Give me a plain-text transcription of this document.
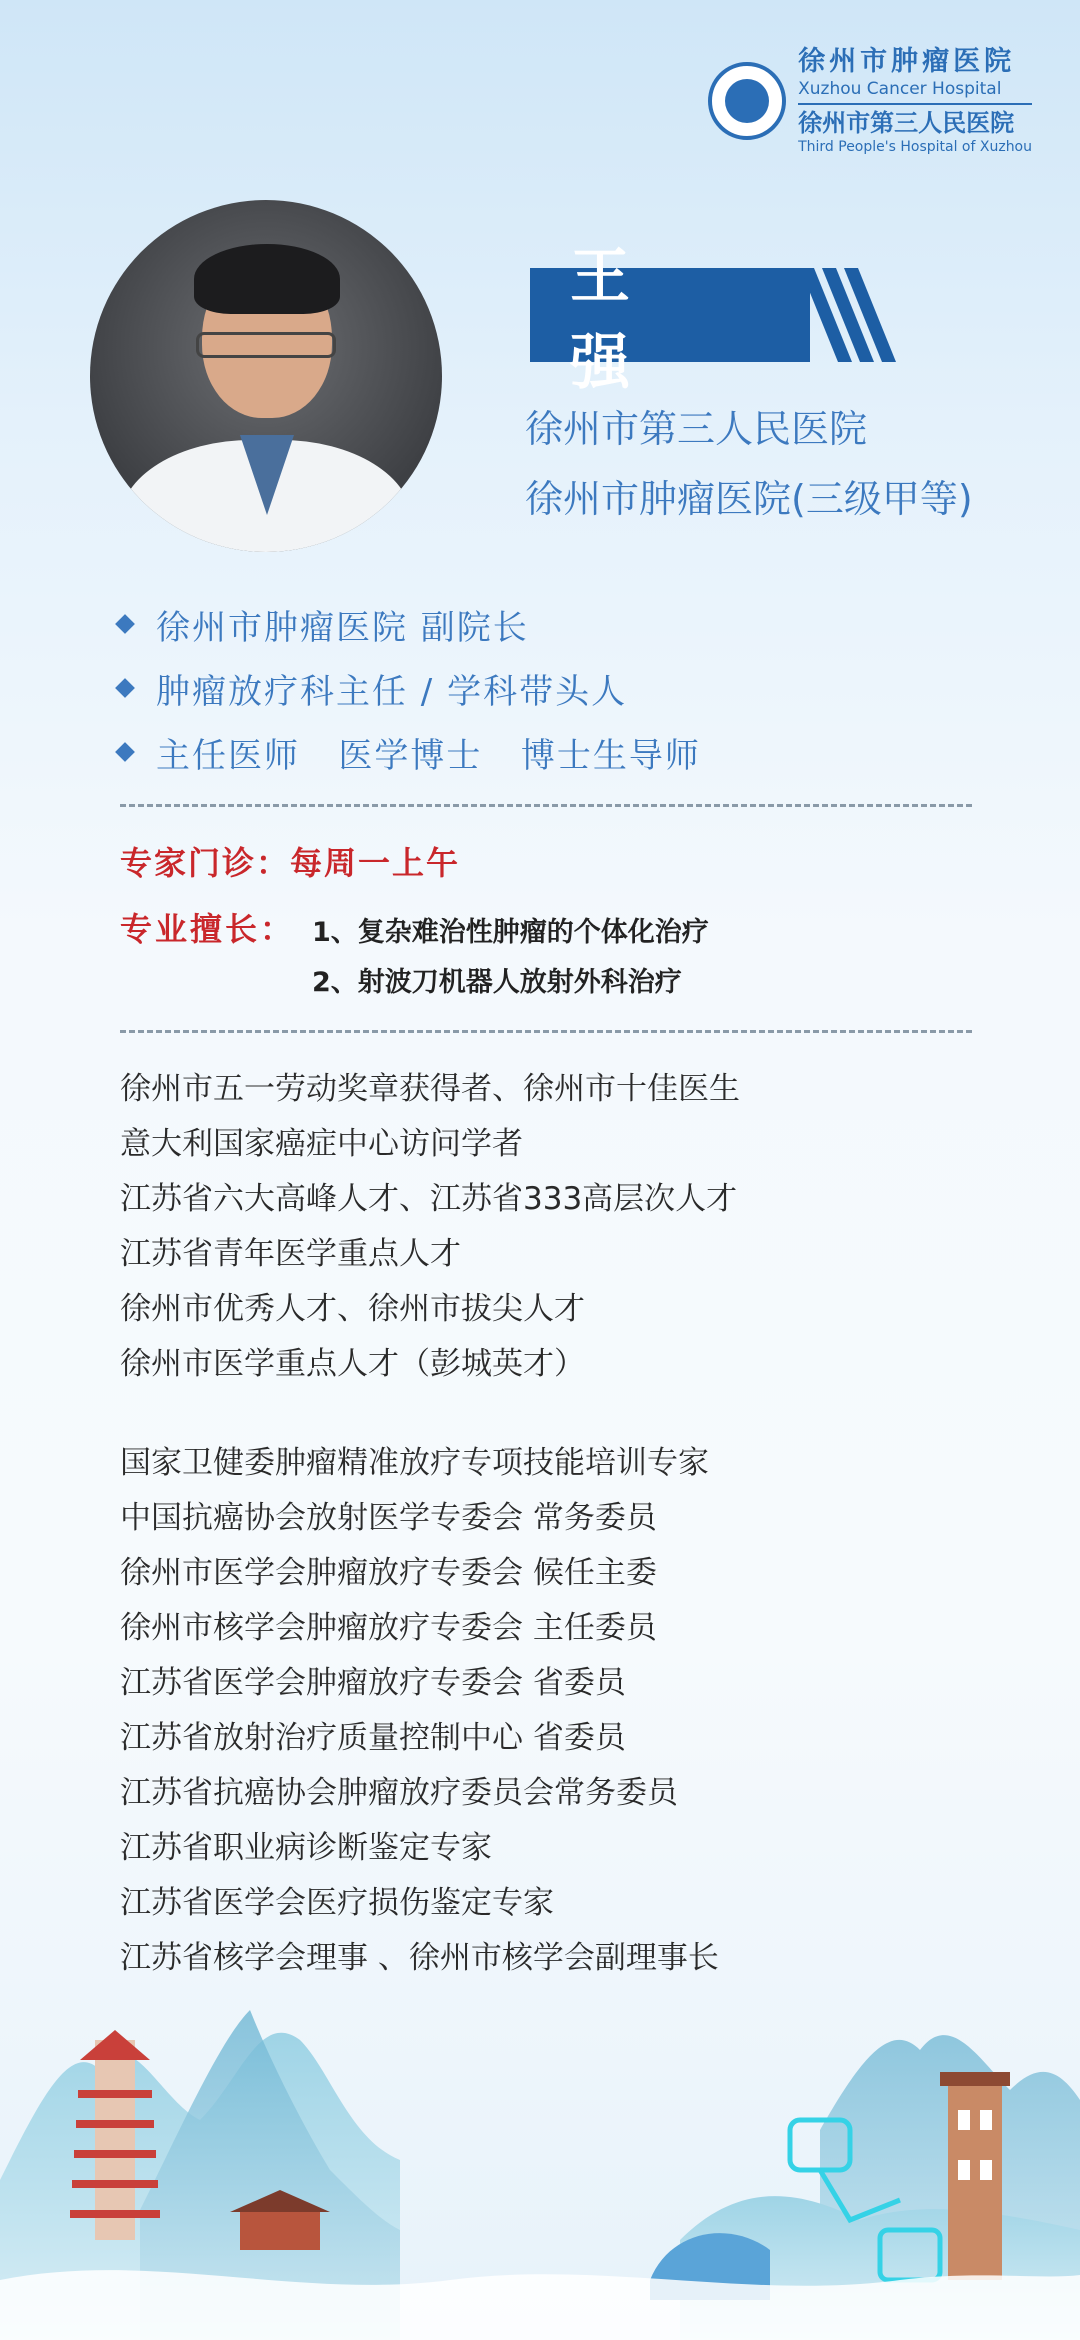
徐州市肿瘤医院
Xuzhou Cancer Hospital
徐州市第三人民医院
Third People's Hospital of Xuzhou
王 强
徐州市第三人民医院
徐州市肿瘤医院(三级甲等)
徐州市肿瘤医院 副院长
肿瘤放疗科主任 / 学科带头人
主任医师   医学博士   博士生导师
专家门诊：每周一上午
专业擅长： 1、复杂难治性肿瘤的个体化治疗
2、射波刀机器人放射外科治疗
徐州市五一劳动奖章获得者、徐州市十佳医生
意大利国家癌症中心访问学者
江苏省六大高峰人才、江苏省333高层次人才
江苏省青年医学重点人才
徐州市优秀人才、徐州市拔尖人才
徐州市医学重点人才（彭城英才）
国家卫健委肿瘤精准放疗专项技能培训专家
中国抗癌协会放射医学专委会 常务委员
徐州市医学会肿瘤放疗专委会 候任主委
徐州市核学会肿瘤放疗专委会 主任委员
江苏省医学会肿瘤放疗专委会 省委员
江苏省放射治疗质量控制中心 省委员
江苏省抗癌协会肿瘤放疗委员会常务委员
江苏省职业病诊断鉴定专家
江苏省医学会医疗损伤鉴定专家
江苏省核学会理事 、徐州市核学会副理事长
